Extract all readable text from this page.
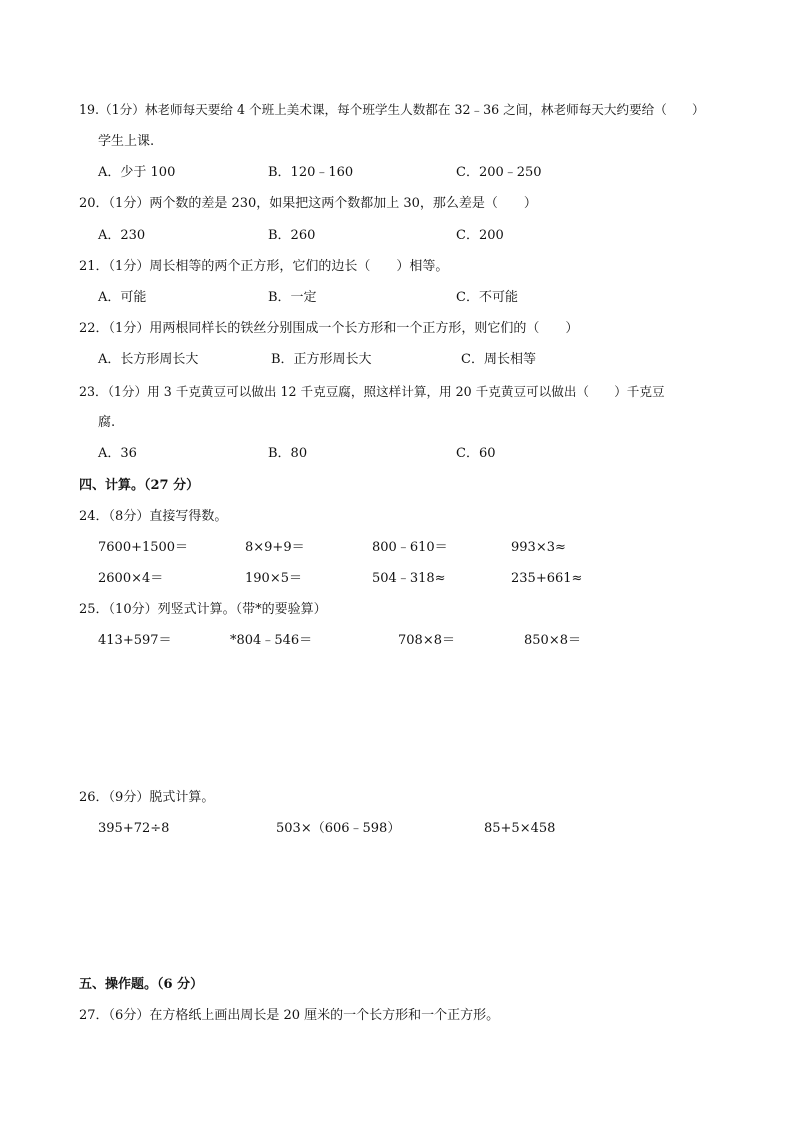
19.（1分）林老师每天要给 4 个班上美术课，每个班学生人数都在 32﹣36 之间，林老师每天大约要给（　　）
学生上课.
A．少于 100	B．120﹣160	C．200﹣250
20．（1分）两个数的差是 230，如果把这两个数都加上 30，那么差是（　　）
A．230	B．260	C．200
21．（1分）周长相等的两个正方形，它们的边长（　　）相等。
A．可能	B．一定	C．不可能
22．（1分）用两根同样长的铁丝分别围成一个长方形和一个正方形，则它们的（　　）
A．长方形周长大	B．正方形周长大	C．周长相等
23．（1分）用 3 千克黄豆可以做出 12 千克豆腐，照这样计算，用 20 千克黄豆可以做出（　　）千克豆
腐.
A．36	B．80	C．60
四、计算。（27 分）
24．（8分）直接写得数。
7600+1500＝	8×9+9＝	800﹣610＝	993×3≈
2600×4＝	190×5＝	504﹣318≈	235+661≈
25．（10分）列竖式计算。（带*的要验算）
413+597＝	*804﹣546＝	708×8＝	850×8＝
26．（9分）脱式计算。
395+72÷8	503×（606﹣598）	85+5×458
五、操作题。（6 分）
27．（6分）在方格纸上画出周长是 20 厘米的一个长方形和一个正方形。
